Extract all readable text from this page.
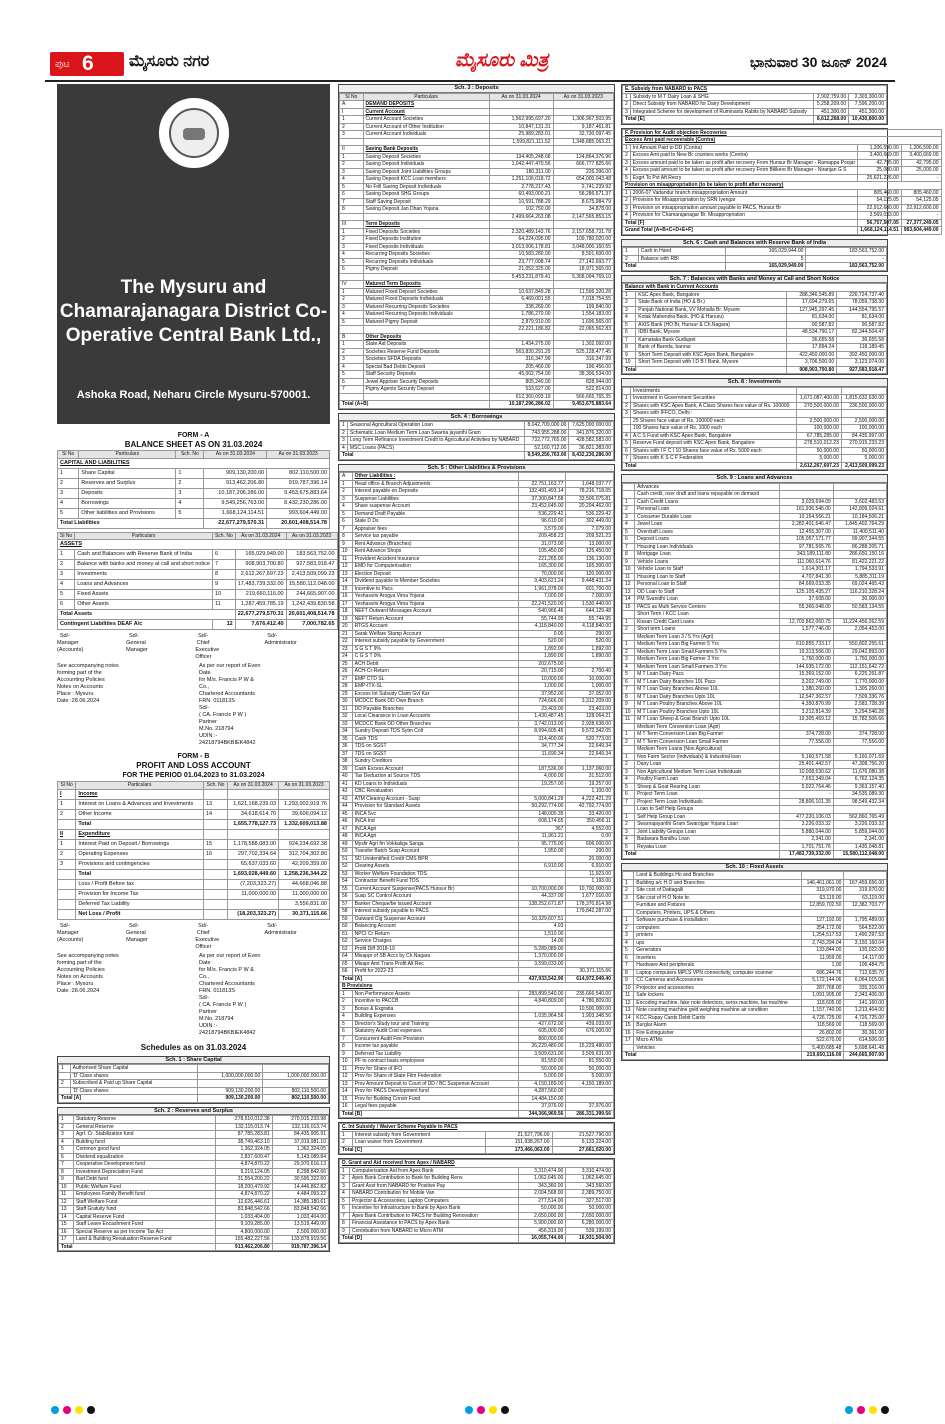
ಪುಟ 6 ಮೈಸೂರು ನಗರ	ಮೈಸೂರು ಮಿತ್ರ	ಭಾನುವಾರ 30 ಜೂನ್ 2024
The Mysuru and Chamarajanagara District Co-Operative Central Bank Ltd.,
Ashoka Road, Neharu Circle Mysuru-570001.
FORM - A
BALANCE SHEET AS ON 31.03.2024
Sl No	Particulars	Sch. No	As on 31.03.2024	As on 31.03.2023
CAPITAL AND LIABILITIES				
1	Share Capital	1	909,130,200.00	802,110,500.00
2	Reserves and Surplus	2	913,462,206.80	919,787,396.14
3	Deposits	3	10,187,206,286.00	9,453,675,883.64
4	Borrowings	4	9,549,256,763.00	8,432,230,286.00
5	Other liabilities and Provisions	5	1,668,124,114.51	993,604,449.00
Total Liabilities			22,677,279,570.31	20,601,408,514.78
Sl No	Particulars	Sch. No	As on 31.03.2024	As on 31.03.2023
ASSETS				
1	Cash and Balances with Reserve Bank of India	6	165,029,949.00	183,563,752.00
2	Balance with banks and money at call and short notice	7	908,903,700.80	927,583,918.47
3	Investments	8	2,612,267,697.23	2,413,509,099.23
4	Loans and Advances	9	17,483,739,332.00	15,580,112,048.00
5	Fixed Assets	10	219,660,116.00	244,665,907.00
6	Other Assets	11	1,287,459,785.19	1,242,439,830.58
Total Assets			22,677,279,570.31	20,601,408,514.78
Contingent Liabilities DEAF A/c		12	7,676,412.40	7,000,782.65
Sd/-
Manager (Accounts)
Sd/-
General Manager
Sd/-
Chief Executive Officer
Sd/-
Administrator
See accompanying notes forming part of the
Accounting Policies
Notes on Accounts
Place : Mysuru
Date :28.06.2024
As per our report of Even Date
for M/s. Francis P W & Co.,
Chartered Accountants
FRN. 011813S
Sd/-
( CA. Francis P W )
Partner
M.No. 218794
UDIN :- 24218794BKBIEK4842
FORM - B
PROFIT AND LOSS ACCOUNT
FOR THE PERIOD 01.04.2023 to 31.03.2024
Sl No	Particulars	Sch. No	As on 31.03.2024	As on 31.03.2023
I	Income			
1	Interest on Loans & Advances and Investments	13	1,621,168,239.03	1,293,002,919.76
2	Other Income	14	34,618,614.70	39,606,094.12
	Total		1,655,778,127.73	1,332,609,013.88
II	Expenditure			
1	Interest Paid on Deposit / Borrowings	15	1,178,588,083.00	924,234,692.38
2	Operating Expenses	16	297,702,334.64	312,704,302.80
3	Provisions and contingencies		65,637,033.60	42,209,359.00
	Total		1,693,028,449.60	1,258,236,344.22
	Loss / Profit Before tax		(7,203,323.27)	44,668,046.88
	Provision for Income Tax		11,000,000.00	11,000,000.00
	Deferred Tax Liability			3,556,831.00
	Net Loss / Profit		(18,203,323.27)	30,371,115.66
Sd/-
Manager (Accounts)
Sd/-
General Manager
Sd/-
Chief Executive Officer
Sd/-
Administrator
See accompanying notes forming part of the
Accounting Policies
Notes on Accounts
Place : Mysuru
Date :28.06.2024
As per our report of Even Date
for M/s. Francis P W & Co.,
Chartered Accountants
FRN. 011813S
Sd/-
( CA. Francis P W )
Partner
M.No. 218794
UDIN :- 24218794BKBIEK4842
Schedules as on 31.03.2024
Sch. 1 : Share Capital
1	Authorised Share Capital		
	'D' Class shares	1,000,000,000.00	1,000,000,000.00
2	Subscribed & Paid up Share Capital		
	'D' Class shares	909,130,200.00	802,110,500.00
Total [A]		909,130,200.00	802,110,500.00
Sch. 2 : Reserves and Surplus
1	Statutory Reserve	278,510,012.38	270,915,233.98
2	General Reserve	132,115,013.74	132,116,013.74
3	Agrl. Cr. Stabilization fund	87,785,283.81	84,435,905.91
4	Building fund	38,749,463.10	37,919,981.10
5	Common good fund	1,362,324.05	1,362,324.05
6	Dividend equalization	2,837,609.47	5,143,089.84
7	Cooperative Development fund	4,874,870.22	29,970,616.13
8	Investment Depreciation Fund	9,219,124.05	8,298,842.66
9	Bad Debt fund	31,554,200.22	30,595,322.60
10	Public Welfare Fund	18,200,479.92	14,446,862.82
11	Employees Family Benefit fund	4,874,870.22	4,484,093.22
12	Staff Welfare Fund	12,626,446.61	14,385,180.61
13	Staff Gratuity fund	83,848,542.66	83,848,542.66
14	Capital Reserve Fund	1,033,404.00	1,033,404.00
15	Staff Leave Encashment Fund	9,109,285.00	13,519,449.00
16	Special Reserve as per Income Tax Act	4,800,000.00	2,500,000.00
17	Land & Building Revaluation Reserve Fund	155,482,227.56	133,878,919.56
Total		913,462,206.80	919,787,396.14
Sch. 3 : Deposits
Sl No	Particulars	As on 31.03.2024	As on 31.03.2023
A	DEMAND DEPOSITS		
I	Current Account		
1	Current Account Societies	1,562,995,697.20	1,306,967,503.95
2	Current Account of Other Institution	10,847,131.31	9,187,461.81
3	Current Account Individuals	25,989,283.01	32,730,097.45
		1,599,821,111.52	1,348,885,063.21
II	Saving Bank Deposits		
1	Saving Deposit Societies	134,405,248.68	124,864,376.96
2	Saving Deposit Individuals	1,042,447,470.56	666,777,825.66
3	Saving Deposit Joint Liabilities Groups	180,311.00	226,396.00
4	Saving Deposit KCC Loan members	1,251,106,018.72	654,000,043.48
5	No Frill Saving Deposit Individuals	2,778,217.43	2,741,239.92
6	Saving Deposit SHG Groups	60,493,000.21	58,286,671.37
7	Staff Saving Deposit	10,591,788.29	8,675,984.79
8	Saving Deposit Jan Dhan Yojana	102,750.00	34,878.00
		2,499,664,263.08	2,147,565,853.15
III	Term Deposits		
1	Fixed Deposits Societies	2,320,489,143.76	2,157,658,731.78
2	Fixed Deposits Institution	64,224,095.00	109,780,020.00
3	Fixed Deposits Individuals	3,013,006,178.81	3,048,000,160.55
4	Recurring Deposits Societies	10,583,280.00	8,501,600.00
5	Recurring Deposits Individuals	23,777,008.74	27,142,693.77
6	Pigmy Deposit	21,052,325.00	18,971,565.00
		5,453,231,879.41	5,368,094,769.10
IV	Matured Term Deposits		
1	Matured Fixed Deposit Societies	10,637,849.28	11,596,320.28
2	Matured Fixed Deposits Individuals	6,469,001.55	7,018,754.55
3	Matured Recurring Deposits Societies	338,269.00	199,840.00
4	Matured Recurring Deposits Individuals	1,786,270.00	1,554,183.00
5	Matured Pigmy Deposit	2,879,910.00	1,696,565.00
		22,221,186.82	22,065,562.83
B	Other Deposits		
1	State Aid Deposits	1,434,275.00	1,302,092.00
2	Societies Reserve Fund Deposits	563,830,291.29	525,128,477.45
3	Societies SFDA Deposits	316,347.99	316,347.99
4	Special Bad Debts Deposit	205,460.00	196,456.00
5	Staff Security Deposits	45,002,754.00	38,306,534.00
6	Jewel Appriser Security Deposits	805,240.00	828,944.00
7	Pigmy Agents Security Deposit	533,527.00	522,814.00
		612,360,093.19	566,665,765.35
Total (A+B)		10,187,296,286.02	9,453,675,883.64
Sch. 4 : Borrowings
1	Seasonal Agricultural Operation Loan	8,042,709,000.00	7,625,000,000.00
2	Schematic Loan Medium Term Loan Swarna jayanthi Gram	743,955,288.00	341,876,320.00
3	Long Term Refinance Investment Credit to Agricultural Activities by NABARD	732,772,765.00	428,582,583.00
4	MSC Loans (PACS)	52,160,712.00	36,821,383.00
Total		9,549,256,763.00	8,432,230,286.00
Sch. 5 : Other Liabilities & Provisions
A	Other Liabilities :		
1	Head office & Branch Adjustments	22,751,163.77	1,648,037.77
2	Interest payable on Deposits	132,491,493.14	78,216,718.05
3	Suspense Liabilities	37,300,847.58	33,506,075.81
4	Share suspense Account	23,452,645.00	20,204,462.00
5	Demand Draft Payable	536,229.42	536,229.42
6	Stale D Ds	96,610.00	302,449.00
7	Appraiser fees	3,579.00	7,079.00
8	Service tax payable	209,458.23	209,521.23
9	Rent Advance (Branches)	31,073.00	13,000.00
10	Rent Advance Shops	105,450.00	125,450.00
11	Provident Accident Insurance	221,265.00	136,130.00
12	EMD for Computerisation	165,300.00	165,300.00
13	Election Deposit	70,000.00	120,000.00
14	Dividend payable to Member Societies	9,403,621.24	9,448,431.24
15	Incentive to Pacs	1,961,978.00	601,700.00
16	Yeshasvini Arogya Vima Yojana	7,000.00	7,000.00
17	Yeshasvini Arogya Vima Yojana	22,241,520.00	1,530,440.00
18	NEFT Outward Messages Account	540,966.46	644,129.48
19	NEFT Return Account	55,744.95	55,744.95
20	RTGS Account	4,118,840.00	4,118,840.00
21	Sarak Welfare Stamp Account	0.00	290.00
22	Interest subsidy payable by Government	520.00	520.00
23	S G S T 9%	1,892.00	1,892.00
24	C G S T 9%	1,890.00	1,890.00
25	ACH Debit	202,675.00	
26	ACH-Cr-Return	20,715.00	2,700.40
27	EMP CTD SL	10,000.00	10,000.00
28	EMP-ITX-SL	1,000.00	1,000.00
29	Excess Int Subsidy Claim Gvt Kar	37,952.00	37,052.00
30	MCDCC Bank DD Own Branch	724,666.00	3,312,209.00
31	DD Payable Branches	23,403.00	23,403.00
32	Local Clearance in Loan Accounts	1,430,487.45	128,064.21
33	MCDCC Bank DD Other Branches	3,742,013.00	2,928,638.00
34	Sundry Deposit TDS Sytm Colt	8,994,605.45	9,572,342.05
35	Cash TDS	314,400.00	520,773.00
36	TDS on SGST	34,777.34	22,649.34
37	TDS on SGST	11,690.34	22,649.34
38	Sundry Creditors		
39	Cash Excess Account	187,536.00	1,137,060.00
40	Tax Deduction at Source TDS	4,000.00	31,512.00
41	KD Loans to Individuals	19,257.00	19,257.00
42	CBC Revaluation		1,100.00
43	ATM Clearing Account - Susp	5,000,841.29	4,222,421.29
44	Provision for Standard Assets	50,292,774.00	42,792,774.00
45	INCA Svc	148,000.35	33,420.00
46	INCA Ind	608,174.65	350,456.11
47	INCA Agri	367	4,552.00
48	INCA Agri	11,961.21	0.00
49	Mysfir Agri fm Vokkaliga Sanga	95,775.00	606,000.00
50	Transfer Batch Susp Account	1,950.00	200.00
51	SD Unidentified Credit CMS BPR		20,000.00
52	Clearing Assets	6,910.00	6,910.00
53	Worker Welfare Foundation TDS		11,923.00
54	Contractor Benefit Fund TDS		1,193.00
55	Current Account Suspense(PACS Hunsur Br)	10,700,000.00	10,700,000.00
56	Susp SC Control Account	44,337.00	1,677,016.00
57	Banker Cheque/be issued Account	138,252,671.87	178,370,814.98
58	Interest subsidy payable to PACS		179,842,287.00
59	Outward Clg Suspense Account	10,329,607.51	
60	Balancing Account	4.93	
61	NPCI Cr Return	1,510.00	
62	Service Charges	14.00	
63	Profit Diff 2018-19	5,289,089.00	
64	Misappr of SB Accs by Ch.Nagara	1,370,000.00	
65	Misapr Amt Trans Profit Alt Rec	3,599,033.00	
66	Profit for 2022-23		30,371,115.66
Total [A]		437,933,542.90	614,972,049.40
B Provisions			
1	Non Performance Assets	283,899,540.00	235,666,540.00
2	Incentive to PACCB	4,840,809.00	4,780,809.00
3	Bonus & Exgratia		10,500,000.00
4	Building Expenses	1,035,964.56	1,903,348.56
5	Director's Study tour and Training	427,672.00	439,033.00
6	Statutory Audit Cost expenses	605,000.00	676,000.00
7	Concurrent Audit Fee Provision	800,000.00	
8	Income tax payable	26,229,480.00	15,229,480.00
9	Deferred Tax Liability	3,509,631.00	3,509,631.00
10	PF to contract basis employees	81,550.00	81,550.00
11	Prov for Share of IFO	50,000.00	50,000.00
12	Prov for Share of State Film Federation	5,000.00	5,000.00
13	Prov Amount Deposit to Court of DD / BC Suspense Account	4,150,189.00	4,150,189.00
14	Prov for PACS Development fund	4,287,560.00	
15	Prov for Building Constr Fund	14,484,150.00	
16	Legal fees payable	37,976.00	37,976.00
Total [B]		344,366,969.56	286,331,399.56
C. Int Subsidy / Waiver Scheme Payable to PACS			
1	Interest subsidy from Government	21,527,796.00	21,527,796.00
2	Loan waiver from Government	151,938,267.00	6,133,224.00
Total [C]		173,466,063.00	27,661,020.00
D. Grant and Aid received from Apex / NABARD			
1	Computerisation Aid from Apex Bank	3,310,474.00	3,310,474.00
2	Apex Bank Contribution to Bank for Building Renv.	1,062,645.00	1,062,645.00
3	Grant Asst from NABARD for Positive Pay	343,360.00	343,560.00
4	NABARD Contribution for Mobile Van	2,004,568.00	2,389,750.00
5	Projector & Accessories, Laptop Computers	277,514.00	327,517.00
6	Incentive for Infrastructure to Bank by Apex Bank	50,000.00	50,000.00
7	Apex Bank Contribution to PACS for Building Renovation	2,650,000.00	2,650,000.00
8	Financial Assistance to PACS by Apex Bank	5,900,000.00	6,280,000.00
9	Contribution from NABARD to Micro ATM	456,319.00	539,199.00
Total [D]		16,055,744.00	16,931,504.00
E. Subsidy from NABARD to PACS			
1	Subsidy to M T Dairy Loan & SHG	2,902,759.00	2,303,300.00
2	Direct Subsidy from NABARD for Dairy Development	5,258,209.00	7,596,200.00
3	Integrated Scheme for development of Ruminants Rabits by NABARD Subsidy	451,300.00	451,300.00
Total [E]		8,612,268.00	10,430,800.00
F. Provision for Audit objection Recoveries			
Excess Amt paid recoverable (Contra)			
1	Int Amount Paid to DD (Contra)	1,206,590.00	1,206,590.00
2	Excess Amt paid to New Br counters works (Contra)	3,400,669.00	3,400,669.00
3	Excess amount paid to be taken as profit after recovery From Hunsur Br Manager - Ramappa Poojar	42,795.00	42,795.00
4	Excess paid amount to be taken as profit after recovery From Bilikere Br Manager - Niranjan G S	25,000.00	25,000.00
5	Exgrt To Pvt Aft Recry	25,621,226.00	-
Provision on misappropriation (to be taken to profit after recovery)			
1	2006-07 Vadandur branch misappropriation Amount	805,460.00	805,460.00
2	Provision for Misappropriation by SRN Iyengar	54,125.05	54,125.05
3	Provision on misappropriation amount payable to PACS, Hunsur Br	22,912,600.00	22,912,600.00
4	Provision for Chamarajanagar Br. Misappropriation	3,569,033.00	-
Total [F]		56,757,507.05	27,377,249.05
Grand Total [A+B+C+D+E+F]		1,668,124,114.51	983,604,449.00
Sch. 6 : Cash and Balances with Reserve Bank of India
1	Cash in Hand	165,029,944.00	183,563,752.00
2	Balance with RBI	5	-
Total		165,029,949.00	183,563,752.00
Sch. 7 : Balances with Banks and Money at Call and Short Notice
Balance with Bank in Current Accounts			
1	KSC Apex Bank, Bangalore	288,346,545.89	226,724,737.40
2	State Bank of India (HO & Br.)	17,694,279.65	78,059,738.30
3	Punjab National Bank, VV Mohalla Br. Mysore	127,945,297.45	144,554,795.57
4	Kotak Mahendra Bank, (HO & Hanuru)	81,634.00	81,634.00
5	AXIS Bank (HO Br, Hunsur & Ch.Nagara)	90,587.82	90,587.82
6	IDBI Bank, Mysore	48,534,790.17	82,344,504.47
7	Karnataka Bank Gudlupet	36,655.58	36,655.58
8	Bank of Baroda, bannur	17,894.24	118,189.45
9	Short Term Deposit with KSC Apex Bank, Bangalore	422,450,000.00	392,450,000.00
10	Short Term Deposit with I D B I Bank, Mysore	3,706,500.00	3,123,074.00
Total		908,903,700.80	927,583,918.47
Sch. 8 : Investments
	Investments		
1	Investment in Government Securities	1,671,087,400.00	1,815,632,630.00
2	Shares with KSC Apex Bank, A Class Shares face value of Rs. 100000	270,500,000.00	236,500,000.00
3	Shares with IFFCO, Delhi :		
	25 Shares face value of Rs. 100000 each	2,500,000.00	2,500,000.00
	100 Shares face value of Rs. 1000 each	100,000.00	100,000.00
4	A C S Fund with KSC Apex Bank, Bangalore	67,785,285.00	84,435,997.00
5	Reserve Fund deposit with KSC Apex Bank, Bangalore	278,510,012.23	270,915,233.23
6	Shares with I F C I 10 Shares face value of Rs. 5000 each	50,000.00	50,000.00
7	Shares with K S C F Federation	5,000.00	5,000.00
Total		2,612,267,697.23	2,413,509,099.23
Sch. 9 : Loans and Advances
	Advances		
	Cash credit, over draft and loans repayable on demand		
1	Cash Credit Loans	3,029,694.09	3,602,483.53
2	Personal Loan	161,936,546.00	142,809,024.61
3	Consumer Durable Loan	10,164,566.21	10,184,506.21
4	Jewel Loan	2,282,401,646.47	1,845,402,764.29
5	Overdraft Loans	12,455,307.00	11,400,511.40
6	Deposit Loans	105,057,171.77	99,907,344.55
7	Housing Loan Individuals	97,781,565.76	86,288,205.71
8	Mortgage Loan	343,189,111.80	286,650,150.16
9	Vehicle Loans	111,060,614.76	81,422,221.22
10	Vehicle Loan to Staff	1,614,301.17	1,794,533.91
11	Housing Loan to Staff	4,707,841.30	5,885,311.19
12	Personal Loan to Staff	84,669,033.35	69,024,465.43
13	OD Loan to Staff	125,105,435.27	116,210,328.24
14	PM Svanidhi Loan	37,608.00	30,000.00
15	PACS as Multi Service Centers	55,366,048.00	50,583,134.55
	Short Term / KCC Loan		
1	Kissan Credit Card Loans	12,703,862,060.75	11,224,456,262.59
2	Short term Loans	1,577,746.00	2,054,453.00
	Medium Term Loan 3 / 5 Yrs (Agri)		
1	Medium Term Loan Big Farmer 5 Yrs	610,855,733.17	550,802,255.61
2	Medium Term Loan Small Farmers 5 Yrs	19,313,566.00	29,042,893.00
3	Medium Term Loan Big Farmer 3 Yrs	1,750,000.00	1,750,000.00
4	Medium Term Loan Small Farmers 3 Yrs	144,935,172.00	112,151,642.72
5	M T Loan Dairy Pacs	15,369,152.00	6,225,261.87
6	M T Loan Dairy Branches 10L Pacs	3,202,749.00	1,770,000.00
7	M T Loan Dairy Branches Above 10L	1,380,260.00	1,305,260.00
8	M T Loan Dairy Branches Upto 10L	12,547,362.57	7,509,336.76
9	M T Loan Poultry Branches Above 10L	4,350,870.99	2,583,728.39
10	M T Loan Poultry Branches Upto 10L	3,212,814.39	3,294,546.28
11	M T Loan Sheep & Goat Branch Upto 10L	19,305,459.12	15,782,506.66
	Medium Term Conversion Loan (Agri)		
1	M T Term Conversion Loan Big Farmer	374,728.00	374,728.00
2	M T Term Conversion Loan Small Farmer	77,556.00	77,556.00
	Medium Term Loans (Non Agricultural)		
1	Non Farm Sector (Individuals) & Industrial loan	5,160,571.58	5,160,071.69
2	Dairy Loan	25,401,442.57	47,308,756.20
3	Non Agricultural Medium Term Loan Individuals	10,008,630.62	11,676,080.38
4	Poultry Farm Loan	7,653,349.04	6,762,124.35
5	Sheep & Goat Rearing Loan	5,022,764.46	9,363,157.40
6	Project Term Loan	-	34,535,089.30
7	Project Term Loan Individuals	28,806,101.35	98,549,432.34
	Loan to Self Help Groups		
1	Self Help Group Loan	477,220,106.03	562,860,765.49
2	Swarnajayanthi Gram Swarojgar Yojana Loan	3,226,033.32	3,226,033.32
3	Joint Liability Groups Loan	5,880,044.00	5,859,044.00
4	Badavara Bandhu Loan	2,341.00	2,341.00
5	Reyaka Loan	1,701,751.76	1,435,048.81
Total		17,483,739,332.00	15,580,112,048.00
Sch. 10 : Fixed Assets
	Land & Buildings Ho and Branches		
1	Building a/c H.O and Branches	146,461,061.00	167,459,656.00
2	Site cost of Dattagalli	319,970.00	319,970.00
3	Site cost of H O Note br.	63,119.00	63,119.00
	Furniture and Fixtures	12,859,702.50	12,382,703.77
	Computers, Printers, UPS & Others		
1	Software purchase & installation	127,192.00	1,795,489.00
2	computers	354,172.00	564,522.00
3	printers	1,254,517.53	1,490,297.53
4	ups	2,743,294.04	3,150,160.04
5	Generators	133,844.00	135,022.00
6	Inverters	11,959.00	14,117.00
7	Hardware And peripherals	1.00	106,484.75
8	Laptop computers MPLS VPN connectivity, computer scanner	686,244.76	712,635.70
9	CC Cameras and Accessories	5,172,144.06	6,064,015.06
10	Projector and accessories	287,768.00	335,316.00
11	Safe lockers	1,091,905.00	2,343,406.00
12	Encoding machine, fake note detectors, xerox machine, fax machine	118,605.00	141,160.00
13	Note counting machine gold weighing machine air condition	1,157,740.00	1,213,404.00
14	KCC Rupay Cards Debit Cards	4,726,725.00	4,726,725.00
15	Burglar Alarm	118,569.00	118,569.00
16	Fire Extinguisher	26,802.00	30,361.00
17	Micro ATMs	522,670.00	614,506.00
	Vehicles	5,400,685.48	5,698,641.48
Total		219,650,116.00	244,665,907.00
